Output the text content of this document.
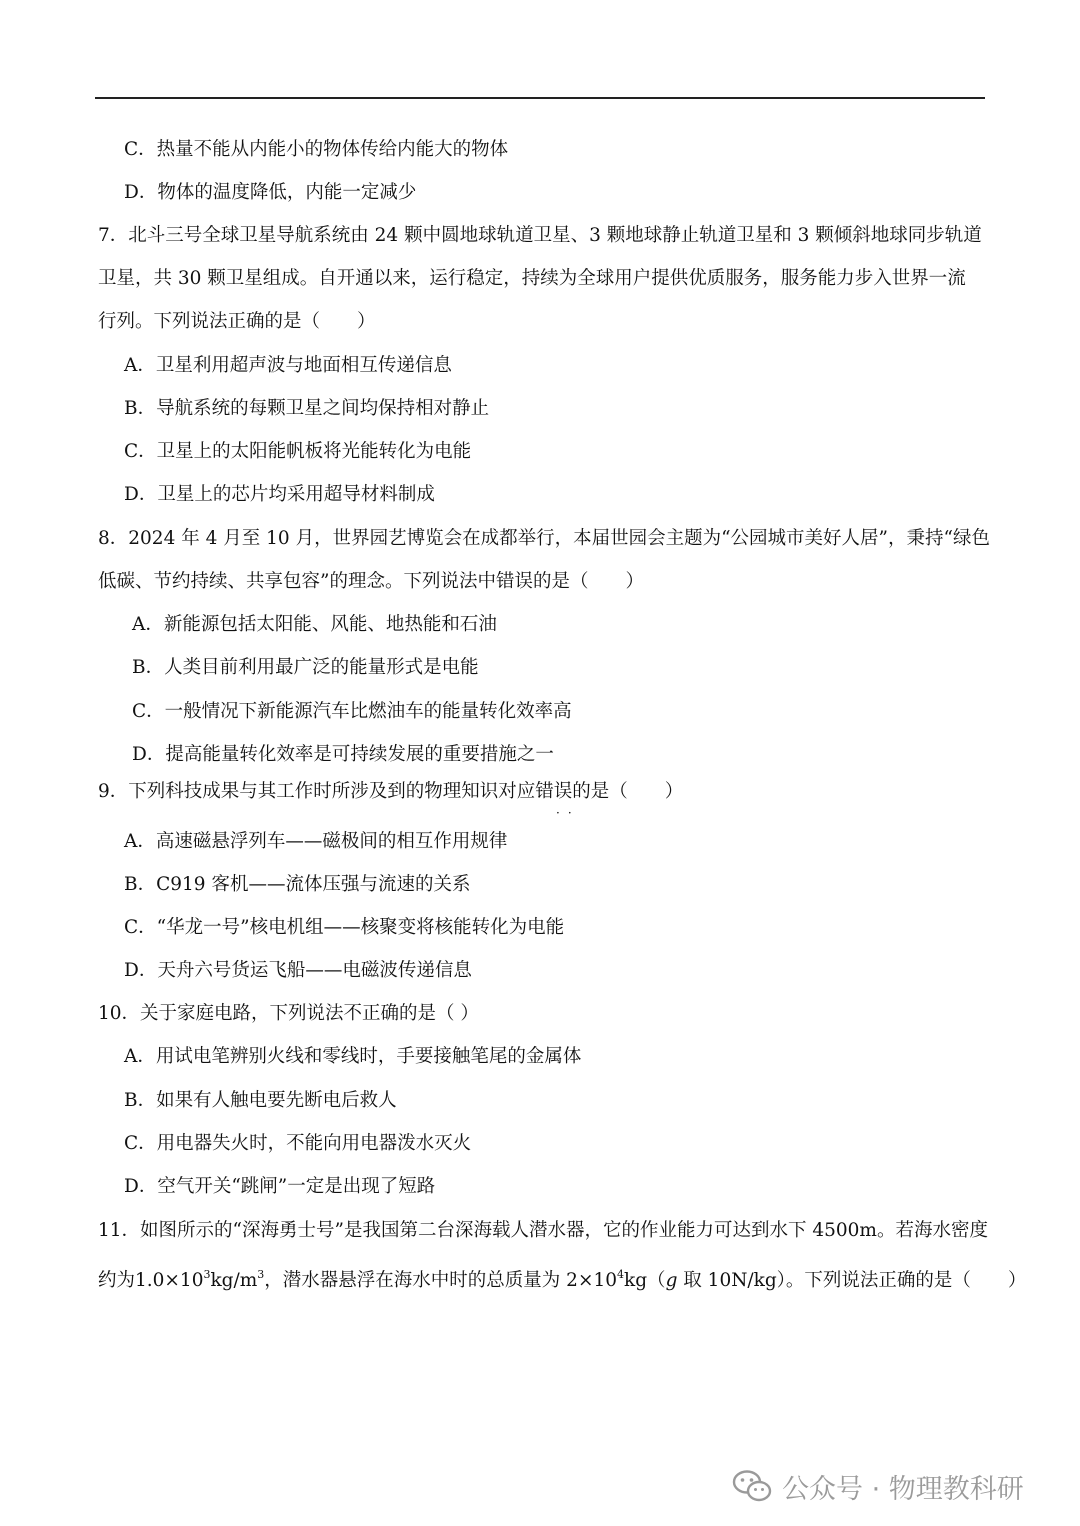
C．热量不能从内能小的物体传给内能大的物体
D．物体的温度降低，内能一定减少
7．北斗三号全球卫星导航系统由 24 颗中圆地球轨道卫星、3 颗地球静止轨道卫星和 3 颗倾斜地球同步轨道
卫星，共 30 颗卫星组成。自开通以来，运行稳定，持续为全球用户提供优质服务，服务能力步入世界一流
行列。下列说法正确的是（　　）
A．卫星利用超声波与地面相互传递信息
B．导航系统的每颗卫星之间均保持相对静止
C．卫星上的太阳能帆板将光能转化为电能
D．卫星上的芯片均采用超导材料制成
8．2024 年 4 月至 10 月，世界园艺博览会在成都举行，本届世园会主题为“公园城市美好人居”，秉持“绿色
低碳、节约持续、共享包容”的理念。下列说法中错误的是（　　）
A．新能源包括太阳能、风能、地热能和石油
B．人类目前利用最广泛的能量形式是电能
C．一般情况下新能源汽车比燃油车的能量转化效率高
D．提高能量转化效率是可持续发展的重要措施之一
9．下列科技成果与其工作时所涉及到的物理知识对应错误的是（　　）
··
A．高速磁悬浮列车——磁极间的相互作用规律
B．C919 客机——流体压强与流速的关系
C．“华龙一号”核电机组——核聚变将核能转化为电能
D．天舟六号货运飞船——电磁波传递信息
10．关于家庭电路，下列说法不正确的是（ ）
A．用试电笔辨别火线和零线时，手要接触笔尾的金属体
B．如果有人触电要先断电后救人
C．用电器失火时，不能向用电器泼水灭火
D．空气开关“跳闸”一定是出现了短路
11．如图所示的“深海勇士号”是我国第二台深海载人潜水器，它的作业能力可达到水下 4500m。若海水密度
约为$1.0\times 10^3kg/m^3$，潜水器悬浮在海水中时的总质量为 $2\times 10^4kg(g$ 取 10N/kg）。下列说法正确的是（　　）
公众号 · 物理教科研
